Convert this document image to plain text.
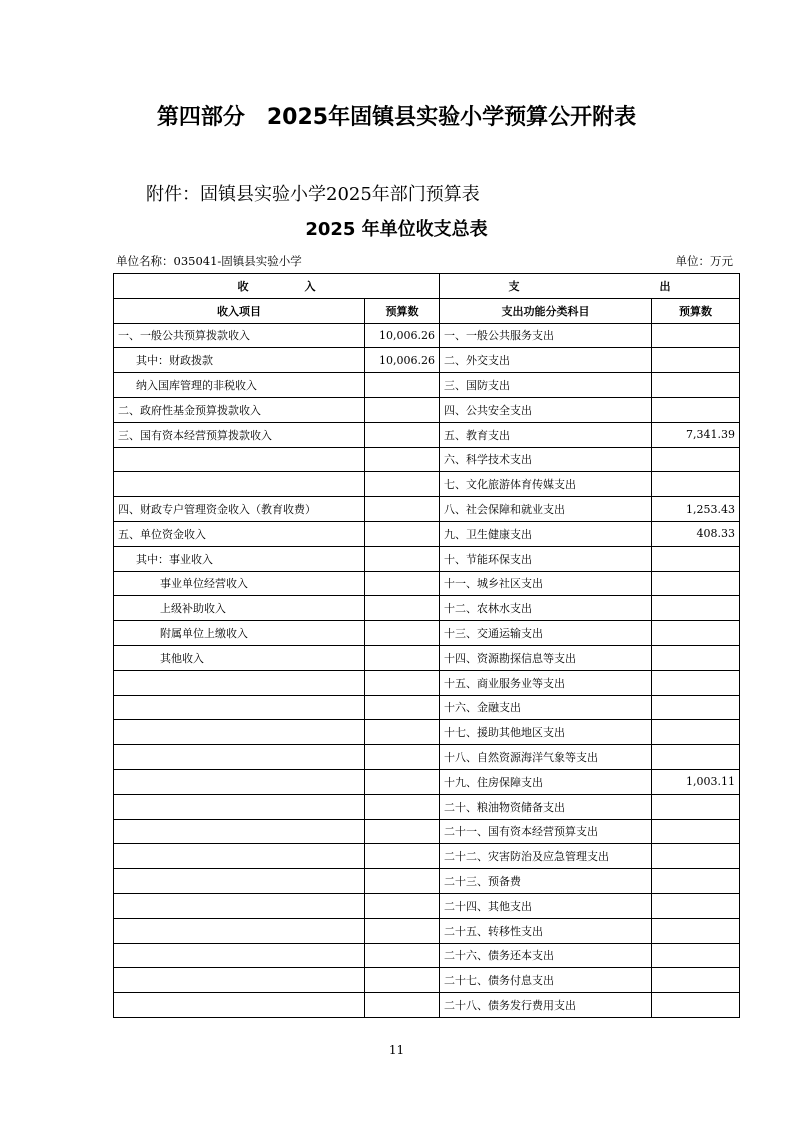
第四部分　2025年固镇县实验小学预算公开附表
附件：固镇县实验小学2025年部门预算表
2025 年单位收支总表
单位名称：035041-固镇县实验小学	单位：万元
收 入		支 出	
收入项目	预算数	支出功能分类科目	预算数
一、一般公共预算拨款收入	10,006.26	一、一般公共服务支出	
其中：财政拨款	10,006.26	二、外交支出	
纳入国库管理的非税收入		三、国防支出	
二、政府性基金预算拨款收入		四、公共安全支出	
三、国有资本经营预算拨款收入		五、教育支出	7,341.39
		六、科学技术支出	
		七、文化旅游体育传媒支出	
四、财政专户管理资金收入（教育收费）		八、社会保障和就业支出	1,253.43
五、单位资金收入		九、卫生健康支出	408.33
其中：事业收入		十、节能环保支出	
事业单位经营收入		十一、城乡社区支出	
上级补助收入		十二、农林水支出	
附属单位上缴收入		十三、交通运输支出	
其他收入		十四、资源勘探信息等支出	
		十五、商业服务业等支出	
		十六、金融支出	
		十七、援助其他地区支出	
		十八、自然资源海洋气象等支出	
		十九、住房保障支出	1,003.11
		二十、粮油物资储备支出	
		二十一、国有资本经营预算支出	
		二十二、灾害防治及应急管理支出	
		二十三、预备费	
		二十四、其他支出	
		二十五、转移性支出	
		二十六、债务还本支出	
		二十七、债务付息支出	
		二十八、债务发行费用支出	
11
